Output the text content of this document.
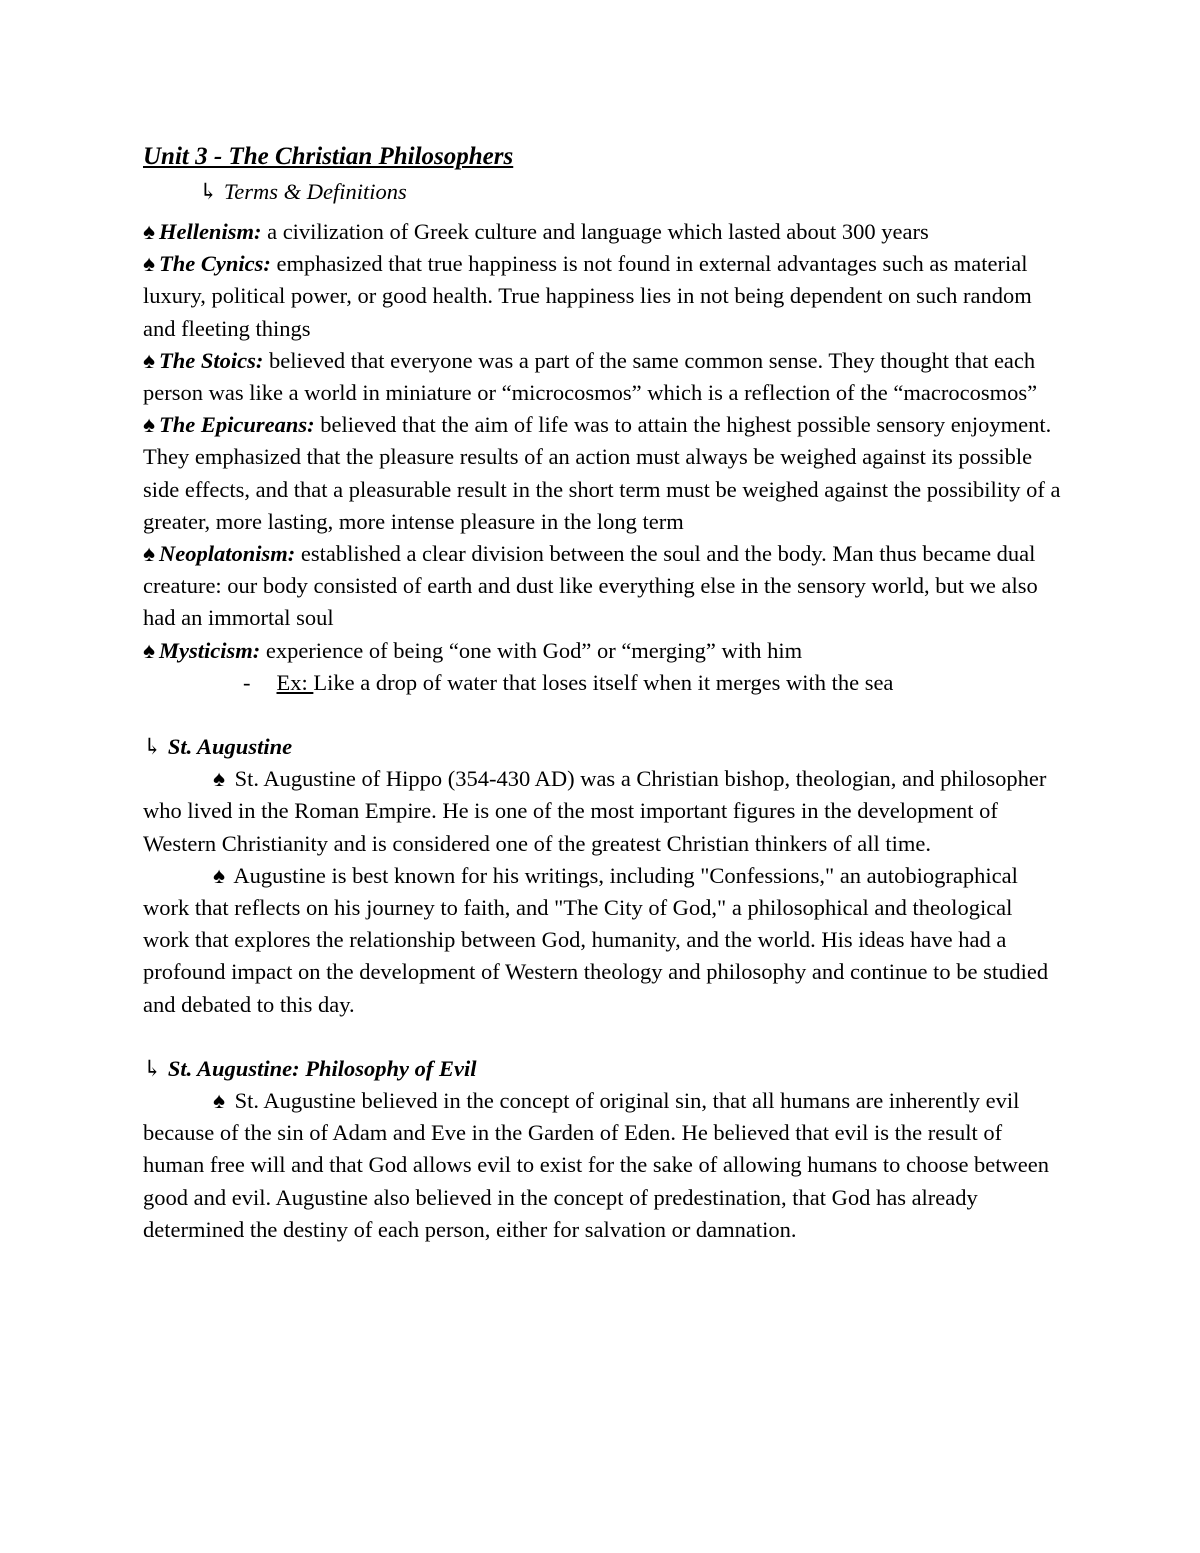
Unit 3 - The Christian Philosophers
↳ Terms & Definitions

♠ Hellenism: a civilization of Greek culture and language which lasted about 300 years

♠ The Cynics: emphasized that true happiness is not found in external advantages such as material luxury, political power, or good health. True happiness lies in not being dependent on such random and fleeting things

♠ The Stoics: believed that everyone was a part of the same common sense. They thought that each person was like a world in miniature or “microcosmos” which is a reflection of the “macrocosmos”

♠ The Epicureans: believed that the aim of life was to attain the highest possible sensory enjoyment. They emphasized that the pleasure results of an action must always be weighed against its possible side effects, and that a pleasurable result in the short term must be weighed against the possibility of a greater, more lasting, more intense pleasure in the long term

♠ Neoplatonism: established a clear division between the soul and the body. Man thus became dual creature: our body consisted of earth and dust like everything else in the sensory world, but we also had an immortal soul

♠ Mysticism: experience of being “one with God” or “merging” with him

- Ex: Like a drop of water that loses itself when it merges with the sea

↳ St. Augustine

♠ St. Augustine of Hippo (354-430 AD) was a Christian bishop, theologian, and philosopher who lived in the Roman Empire. He is one of the most important figures in the development of Western Christianity and is considered one of the greatest Christian thinkers of all time.

♠ Augustine is best known for his writings, including "Confessions," an autobiographical work that reflects on his journey to faith, and "The City of God," a philosophical and theological work that explores the relationship between God, humanity, and the world. His ideas have had a profound impact on the development of Western theology and philosophy and continue to be studied and debated to this day.

↳ St. Augustine: Philosophy of Evil

♠ St. Augustine believed in the concept of original sin, that all humans are inherently evil because of the sin of Adam and Eve in the Garden of Eden. He believed that evil is the result of human free will and that God allows evil to exist for the sake of allowing humans to choose between good and evil. Augustine also believed in the concept of predestination, that God has already determined the destiny of each person, either for salvation or damnation.
